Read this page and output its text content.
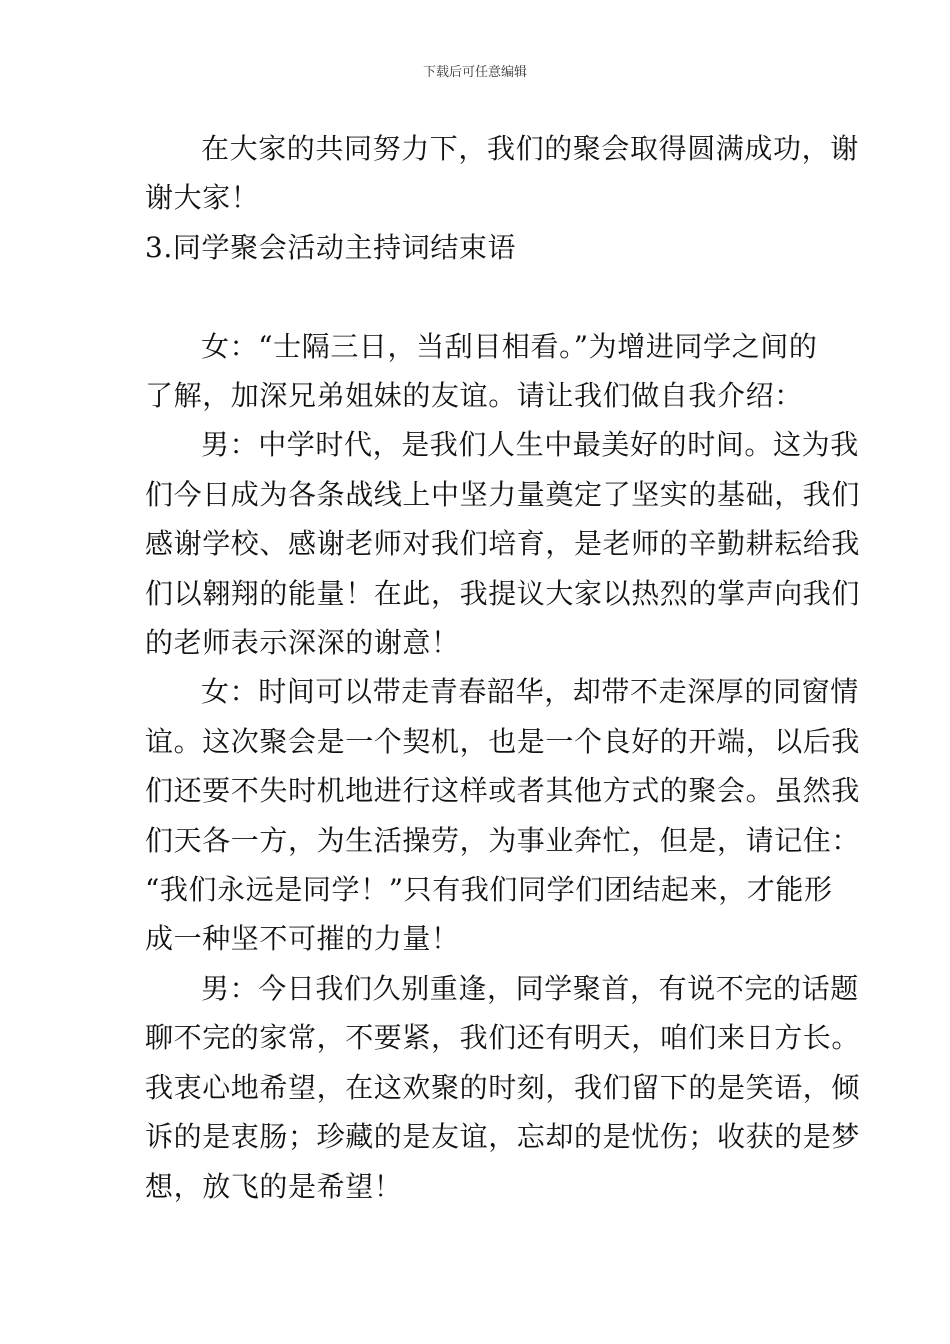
下载后可任意编辑
在大家的共同努力下，我们的聚会取得圆满成功，谢
谢大家！
3.同学聚会活动主持词结束语
女：“士隔三日，当刮目相看。”为增进同学之间的
了解，加深兄弟姐妹的友谊。请让我们做自我介绍：
男：中学时代，是我们人生中最美好的时间。这为我
们今日成为各条战线上中坚力量奠定了坚实的基础，我们
感谢学校、感谢老师对我们培育，是老师的辛勤耕耘给我
们以翱翔的能量！在此，我提议大家以热烈的掌声向我们
的老师表示深深的谢意！
女：时间可以带走青春韶华，却带不走深厚的同窗情
谊。这次聚会是一个契机，也是一个良好的开端，以后我
们还要不失时机地进行这样或者其他方式的聚会。虽然我
们天各一方，为生活操劳，为事业奔忙，但是，请记住：
“我们永远是同学！”只有我们同学们团结起来，才能形
成一种坚不可摧的力量！
男：今日我们久别重逢，同学聚首，有说不完的话题
聊不完的家常，不要紧，我们还有明天，咱们来日方长。
我衷心地希望，在这欢聚的时刻，我们留下的是笑语，倾
诉的是衷肠；珍藏的是友谊，忘却的是忧伤；收获的是梦
想，放飞的是希望！
